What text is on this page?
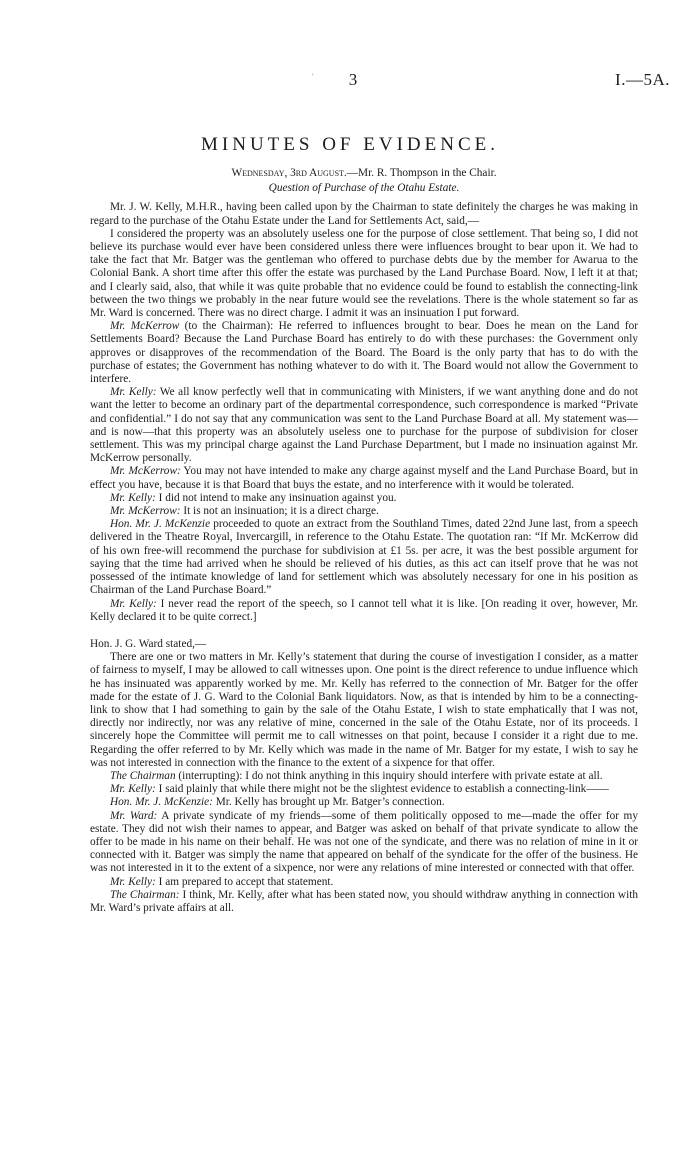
'	3	I.—5A.
MINUTES OF EVIDENCE.

Wednesday, 3rd August.—Mr. R. Thompson in the Chair.

Question of Purchase of the Otahu Estate.

Mr. J. W. Kelly, M.H.R., having been called upon by the Chairman to state definitely the charges he was making in regard to the purchase of the Otahu Estate under the Land for Settlements Act, said,—

I considered the property was an absolutely useless one for the purpose of close settlement. That being so, I did not believe its purchase would ever have been considered unless there were influences brought to bear upon it. We had to take the fact that Mr. Batger was the gentleman who offered to purchase debts due by the member for Awarua to the Colonial Bank. A short time after this offer the estate was purchased by the Land Purchase Board. Now, I left it at that; and I clearly said, also, that while it was quite probable that no evidence could be found to establish the connecting-link between the two things we probably in the near future would see the revelations. There is the whole statement so far as Mr. Ward is concerned. There was no direct charge. I admit it was an insinuation I put forward.

Mr. McKerrow (to the Chairman): He referred to influences brought to bear. Does he mean on the Land for Settlements Board? Because the Land Purchase Board has entirely to do with these purchases: the Government only approves or disapproves of the recommendation of the Board. The Board is the only party that has to do with the purchase of estates; the Government has nothing whatever to do with it. The Board would not allow the Government to interfere.

Mr. Kelly: We all know perfectly well that in communicating with Ministers, if we want anything done and do not want the letter to become an ordinary part of the departmental correspondence, such correspondence is marked “Private and confidential.” I do not say that any communication was sent to the Land Purchase Board at all. My statement was—and is now—that this property was an absolutely useless one to purchase for the purpose of subdivision for closer settlement. This was my principal charge against the Land Purchase Department, but I made no insinuation against Mr. McKerrow personally.

Mr. McKerrow: You may not have intended to make any charge against myself and the Land Purchase Board, but in effect you have, because it is that Board that buys the estate, and no interference with it would be tolerated.

Mr. Kelly: I did not intend to make any insinuation against you.

Mr. McKerrow: It is not an insinuation; it is a direct charge.

Hon. Mr. J. McKenzie proceeded to quote an extract from the Southland Times, dated 22nd June last, from a speech delivered in the Theatre Royal, Invercargill, in reference to the Otahu Estate. The quotation ran: “If Mr. McKerrow did of his own free-will recommend the purchase for subdivision at £1 5s. per acre, it was the best possible argument for saying that the time had arrived when he should be relieved of his duties, as this act can itself prove that he was not possessed of the intimate knowledge of land for settlement which was absolutely necessary for one in his position as Chairman of the Land Purchase Board.”

Mr. Kelly: I never read the report of the speech, so I cannot tell what it is like. [On reading it over, however, Mr. Kelly declared it to be quite correct.]

Hon. J. G. Ward stated,—

There are one or two matters in Mr. Kelly’s statement that during the course of investigation I consider, as a matter of fairness to myself, I may be allowed to call witnesses upon. One point is the direct reference to undue influence which he has insinuated was apparently worked by me. Mr. Kelly has referred to the connection of Mr. Batger for the offer made for the estate of J. G. Ward to the Colonial Bank liquidators. Now, as that is intended by him to be a connecting-link to show that I had something to gain by the sale of the Otahu Estate, I wish to state emphatically that I was not, directly nor indirectly, nor was any relative of mine, concerned in the sale of the Otahu Estate, nor of its proceeds. I sincerely hope the Committee will permit me to call witnesses on that point, because I consider it a right due to me. Regarding the offer referred to by Mr. Kelly which was made in the name of Mr. Batger for my estate, I wish to say he was not interested in connection with the finance to the extent of a sixpence for that offer.

The Chairman (interrupting): I do not think anything in this inquiry should interfere with private estate at all.

Mr. Kelly: I said plainly that while there might not be the slightest evidence to establish a connecting-link——

Hon. Mr. J. McKenzie: Mr. Kelly has brought up Mr. Batger’s connection.

Mr. Ward: A private syndicate of my friends—some of them politically opposed to me—made the offer for my estate. They did not wish their names to appear, and Batger was asked on behalf of that private syndicate to allow the offer to be made in his name on their behalf. He was not one of the syndicate, and there was no relation of mine in it or connected with it. Batger was simply the name that appeared on behalf of the syndicate for the offer of the business. He was not interested in it to the extent of a sixpence, nor were any relations of mine interested or connected with that offer.

Mr. Kelly: I am prepared to accept that statement.

The Chairman: I think, Mr. Kelly, after what has been stated now, you should withdraw anything in connection with Mr. Ward’s private affairs at all.
